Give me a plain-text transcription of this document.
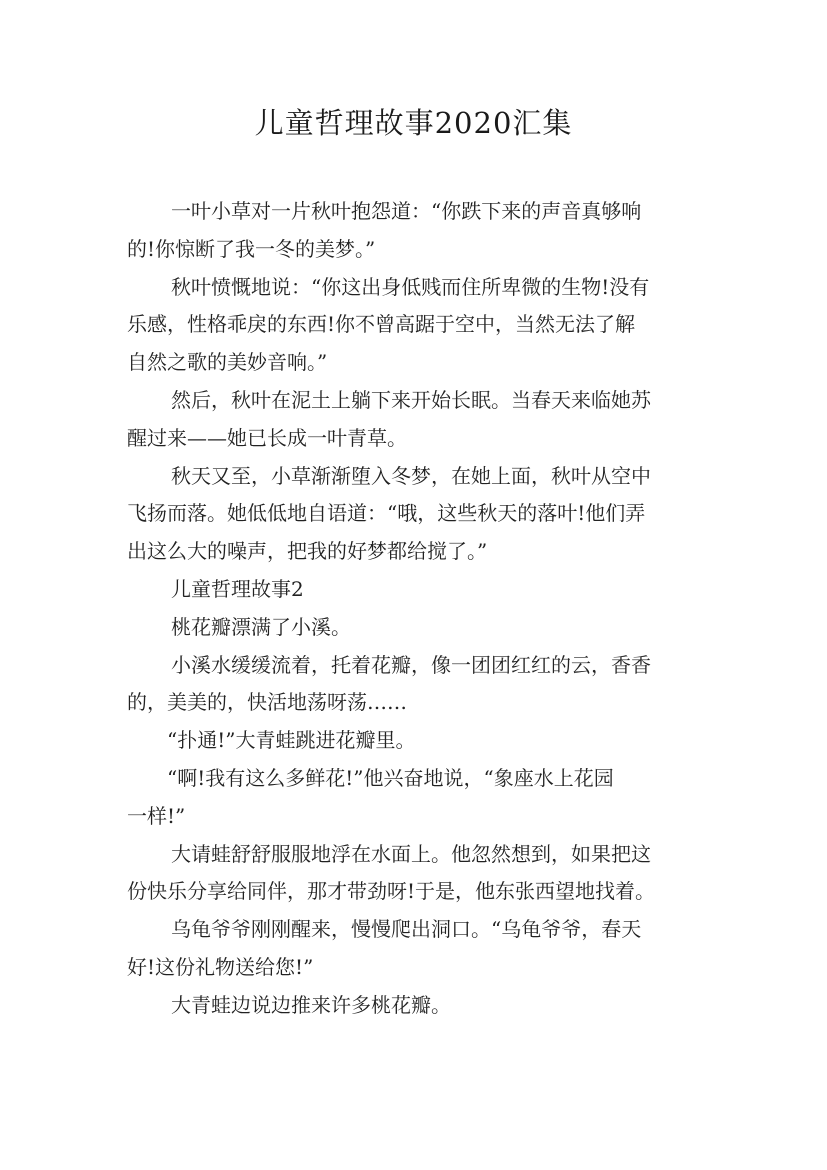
儿童哲理故事2020汇集
一叶小草对一片秋叶抱怨道：“你跌下来的声音真够响
的!你惊断了我一冬的美梦。”
秋叶愤慨地说：“你这出身低贱而住所卑微的生物!没有
乐感，性格乖戾的东西!你不曾高踞于空中，当然无法了解
自然之歌的美妙音响。”
然后，秋叶在泥土上躺下来开始长眠。当春天来临她苏
醒过来——她已长成一叶青草。
秋天又至，小草渐渐堕入冬梦，在她上面，秋叶从空中
飞扬而落。她低低地自语道：“哦，这些秋天的落叶!他们弄
出这么大的噪声，把我的好梦都给搅了。”
儿童哲理故事2
桃花瓣漂满了小溪。
小溪水缓缓流着，托着花瓣，像一团团红红的云，香香
的，美美的，快活地荡呀荡……
“扑通!”大青蛙跳进花瓣里。
“啊!我有这么多鲜花!”他兴奋地说，“象座水上花园
一样!”
大请蛙舒舒服服地浮在水面上。他忽然想到，如果把这
份快乐分享给同伴，那才带劲呀!于是，他东张西望地找着。
乌龟爷爷刚刚醒来，慢慢爬出洞口。“乌龟爷爷，春天
好!这份礼物送给您!”
大青蛙边说边推来许多桃花瓣。
